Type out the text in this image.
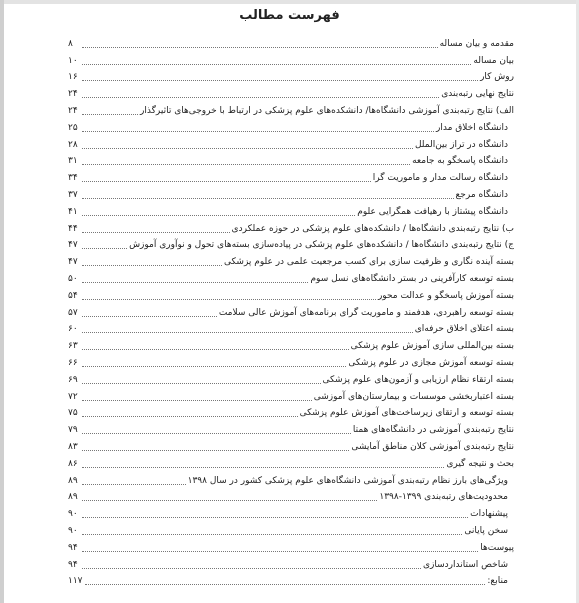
فهرست مطالب
مقدمه و بیان مساله
۸
بیان مساله
۱۰
روش کار
۱۶
نتایج نهایی رتبه‌بندی
۲۴
الف) نتایج رتبه‌بندی آموزشی دانشگاه‌ها/ دانشکده‌های علوم پزشکی در ارتباط با خروجی‌های تاثیرگذار
۲۴
دانشگاه اخلاق مدار
۲۵
دانشگاه در تراز بین‌الملل
۲۸
دانشگاه پاسخگو به جامعه
۳۱
دانشگاه رسالت مدار و ماموریت گرا
۳۴
دانشگاه مرجع
۳۷
دانشگاه پیشتاز با رهیافت همگرایی علوم
۴۱
ب) نتایج رتبه‌بندی دانشگاه‌ها / دانشکده‌های علوم پزشکی در حوزه عملکردی
۴۴
ج) نتایج رتبه‌بندی دانشگاه‌ها / دانشکده‌های علوم پزشکی در پیاده‌سازی بسته‌های تحول و نوآوری آموزش
۴۷
بسته آینده نگاری و ظرفیت سازی برای کسب مرجعیت علمی در علوم پزشکی
۴۷
بسته توسعه کارآفرینی در بستر دانشگاه‌های نسل سوم
۵۰
بسته آموزش پاسخگو و عدالت محور
۵۴
بسته توسعه راهبردی، هدفمند و ماموریت گرای برنامه‌های آموزش عالی سلامت
۵۷
بسته اعتلای اخلاق حرفه‌ای
۶۰
بسته بین‌المللی سازی آموزش علوم پزشکی
۶۳
بسته توسعه آموزش مجازی در علوم پزشکی
۶۶
بسته ارتقاء نظام ارزیابی و آزمون‌های علوم پزشکی
۶۹
بسته اعتباربخشی موسسات و بیمارستان‌های آموزشی
۷۲
بسته توسعه و ارتقای زیرساخت‌های آموزش علوم پزشکی
۷۵
نتایج رتبه‌بندی آموزشی در دانشگاه‌های همتا
۷۹
نتایج رتبه‌بندی آموزشی کلان مناطق آمایشی
۸۳
بحث و نتیجه گیری
۸۶
ویژگی‌های بارز نظام رتبه‌بندی آموزشی دانشگاه‌های علوم پزشکی کشور در سال ۱۳۹۸
۸۹
محدودیت‌های رتبه‌بندی ۱۳۹۹-۱۳۹۸
۸۹
پیشنهادات
۹۰
سخن پایانی
۹۰
پیوست‌ها
۹۴
شاخص استانداردسازی
۹۴
منابع:
۱۱۷
